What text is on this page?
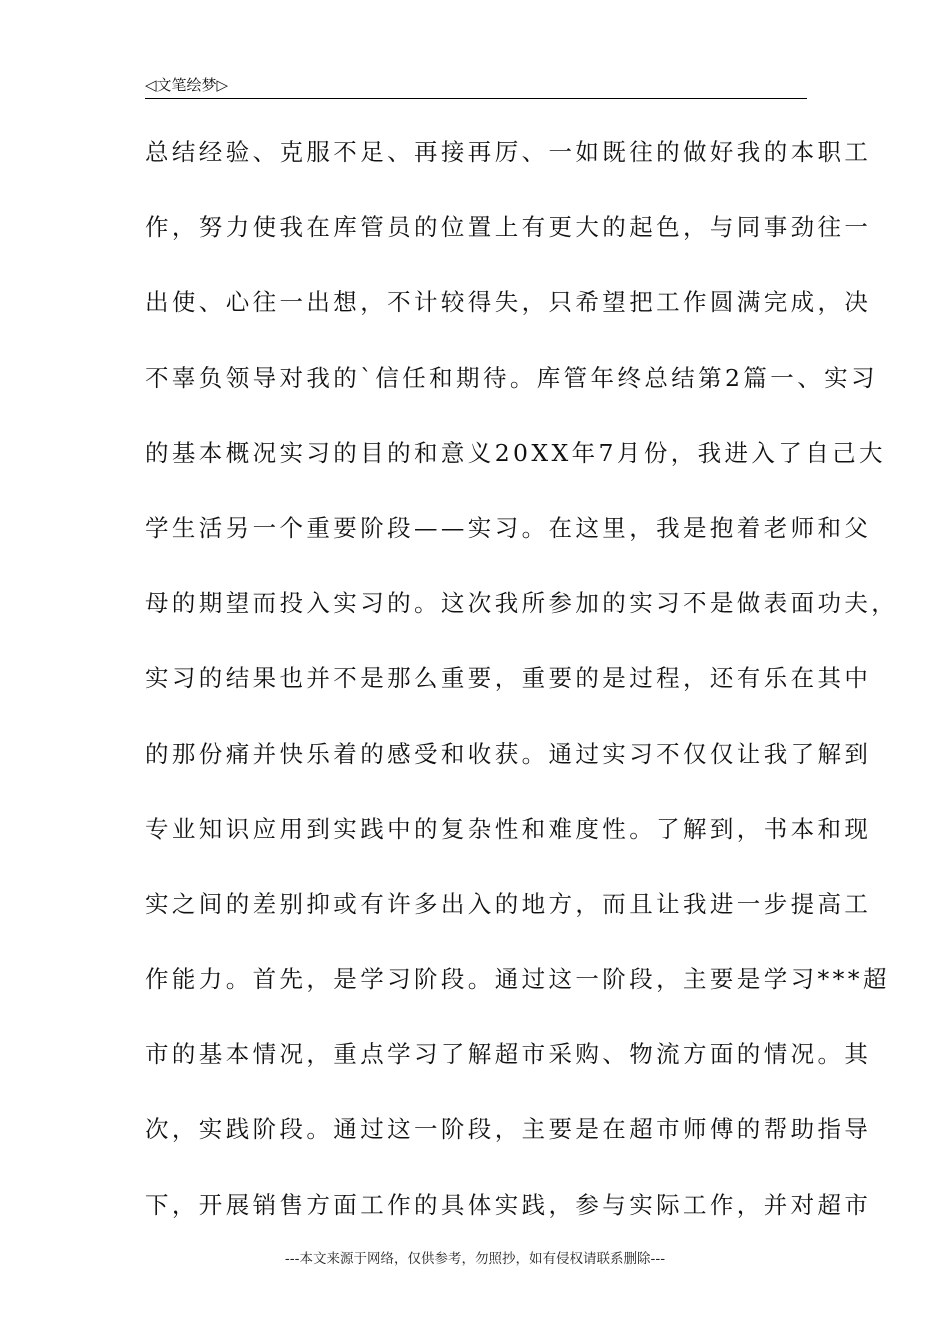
◁文笔绘梦▷
总结经验、克服不足、再接再厉、一如既往的做好我的本职工
作，努力使我在库管员的位置上有更大的起色，与同事劲往一
出使、心往一出想，不计较得失，只希望把工作圆满完成，决
不辜负领导对我的`信任和期待。库管年终总结第2篇一、实习
的基本概况实习的目的和意义20XX年7月份，我进入了自己大
学生活另一个重要阶段——实习。在这里，我是抱着老师和父
母的期望而投入实习的。这次我所参加的实习不是做表面功夫，
实习的结果也并不是那么重要，重要的是过程，还有乐在其中
的那份痛并快乐着的感受和收获。通过实习不仅仅让我了解到
专业知识应用到实践中的复杂性和难度性。了解到，书本和现
实之间的差别抑或有许多出入的地方，而且让我进一步提高工
作能力。首先，是学习阶段。通过这一阶段，主要是学习***超
市的基本情况，重点学习了解超市采购、物流方面的情况。其
次，实践阶段。通过这一阶段，主要是在超市师傅的帮助指导
下，开展销售方面工作的具体实践，参与实际工作，并对超市
---本文来源于网络，仅供参考，勿照抄，如有侵权请联系删除---
